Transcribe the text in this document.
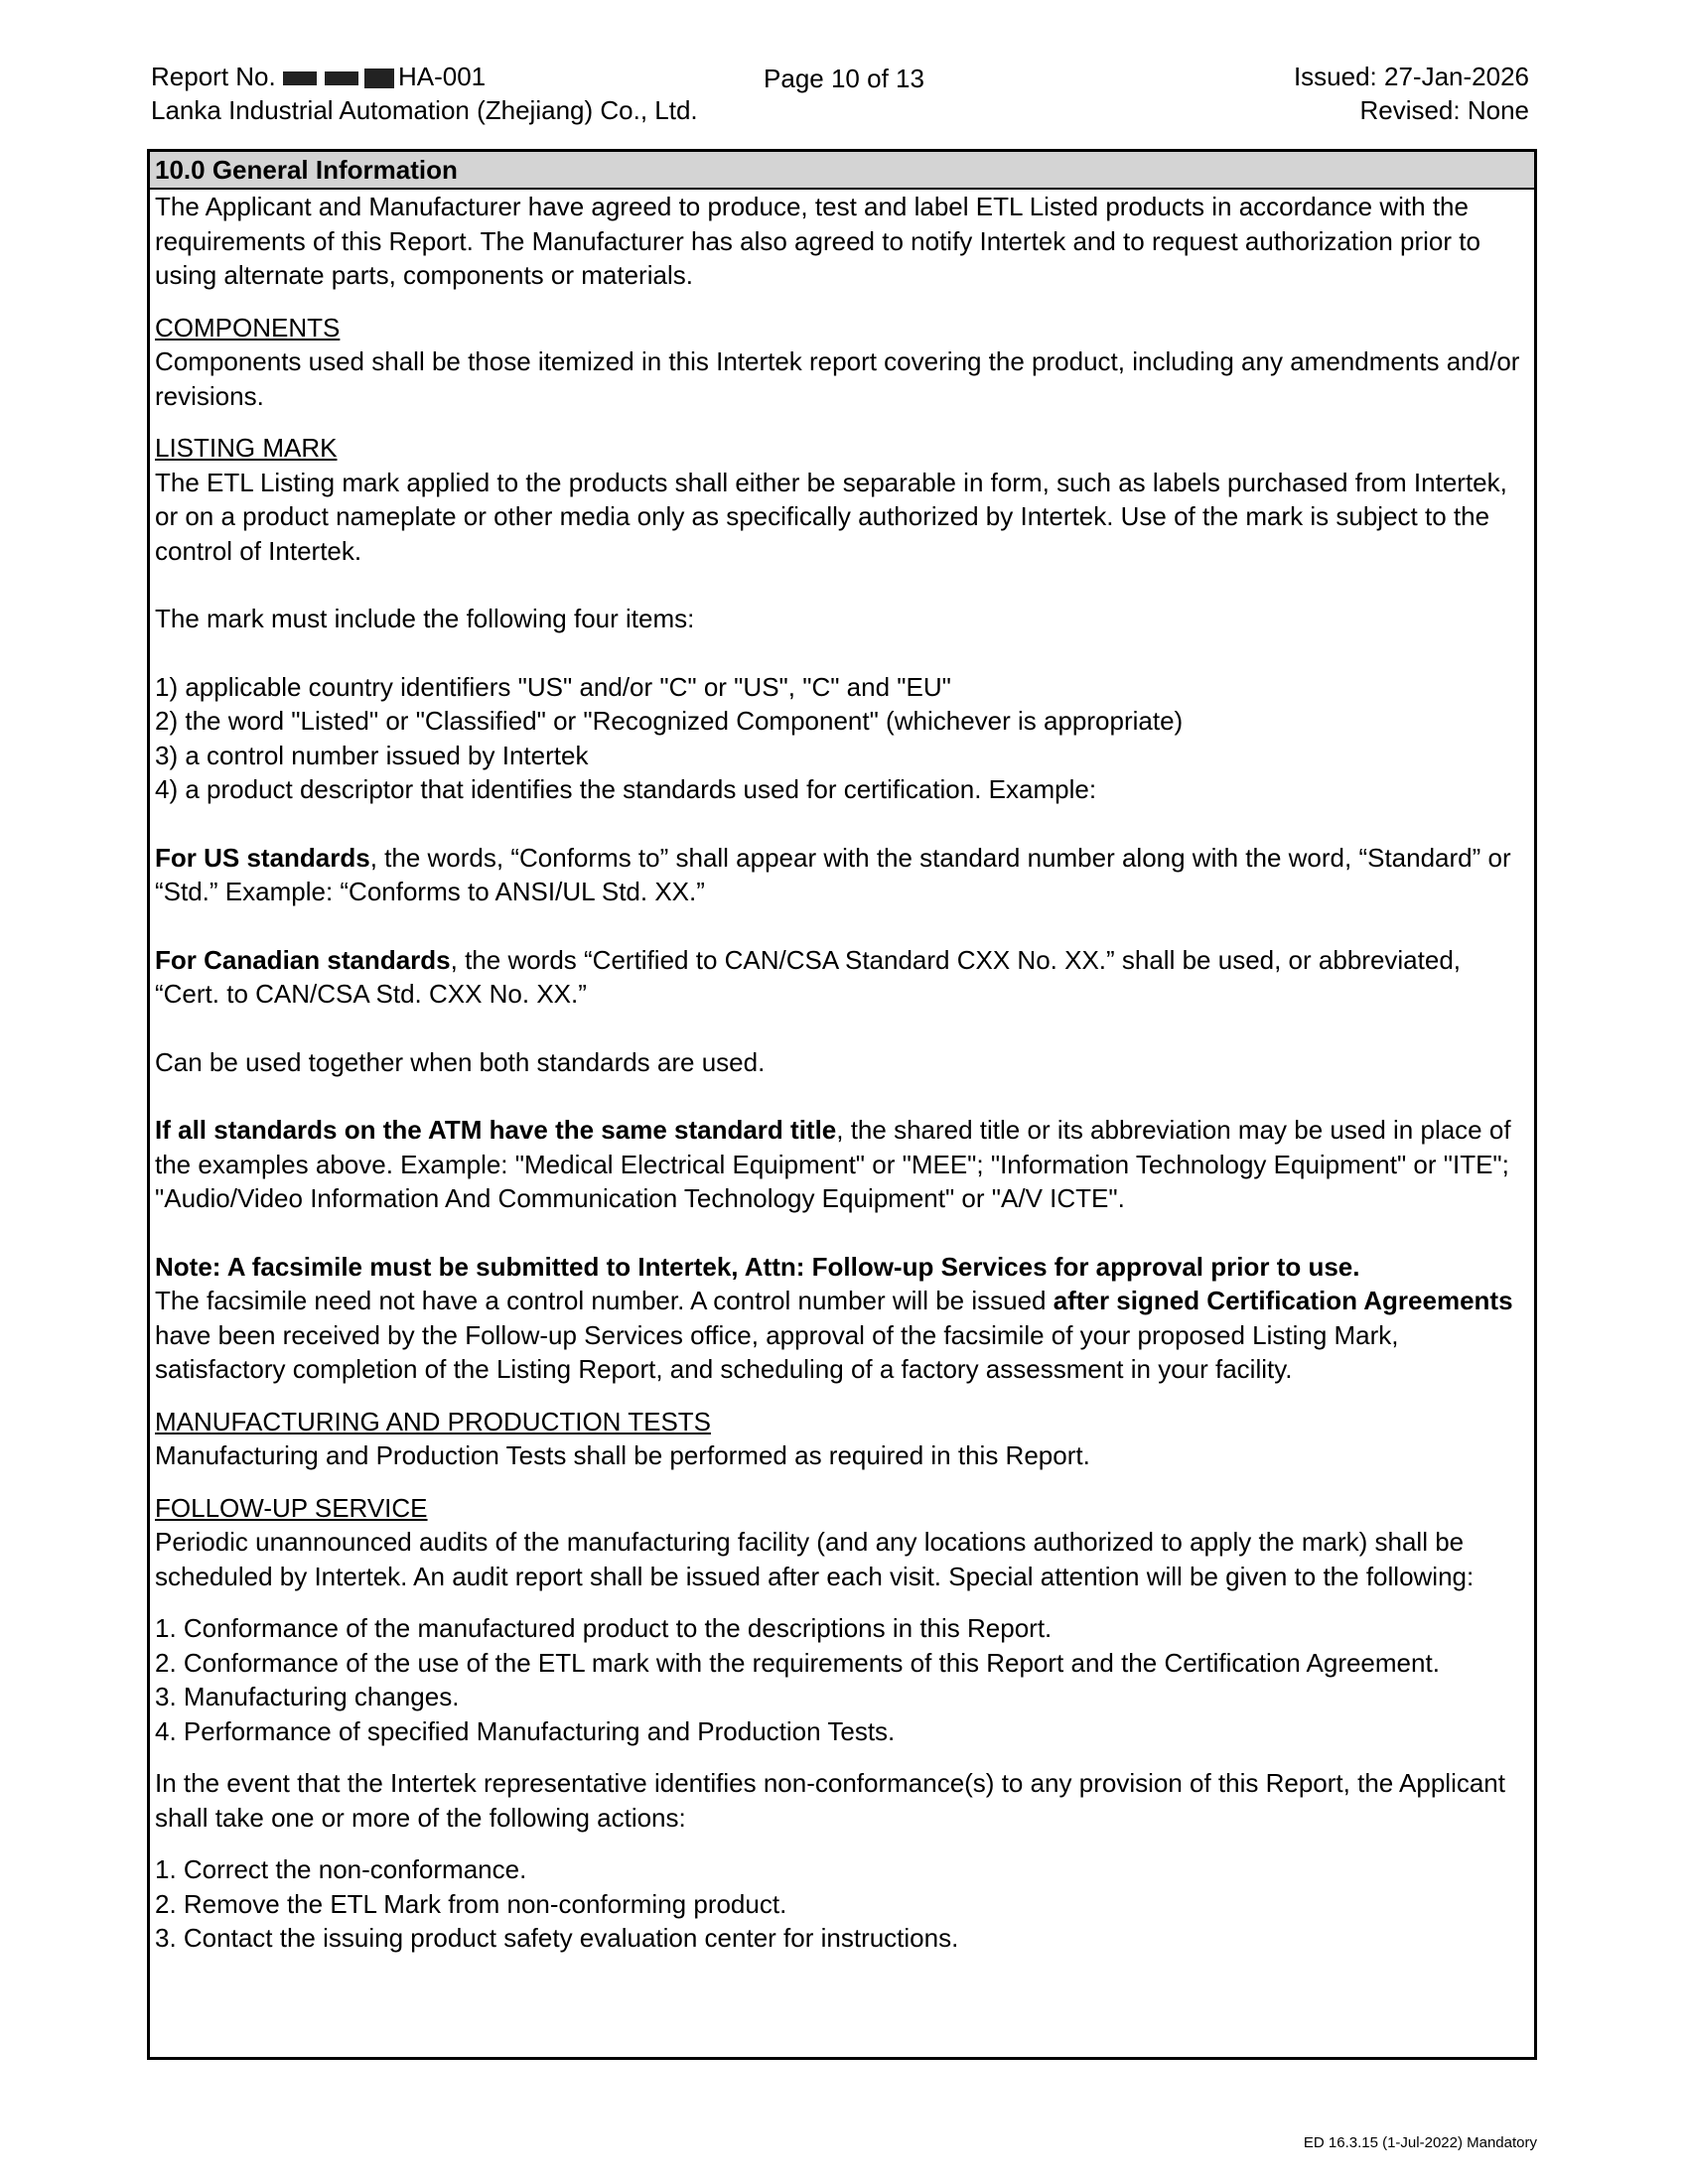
Report No.	HA-001
Lanka Industrial Automation (Zhejiang) Co., Ltd.
Page 10 of 13	Issued: 27-Jan-2026
Revised: None
10.0 General Information

The Applicant and Manufacturer have agreed to produce, test and label ETL Listed products in accordance with the requirements of this Report. The Manufacturer has also agreed to notify Intertek and to request authorization prior to using alternate parts, components or materials.

COMPONENTS

Components used shall be those itemized in this Intertek report covering the product, including any amendments and/or revisions.

LISTING MARK

The ETL Listing mark applied to the products shall either be separable in form, such as labels purchased from Intertek, or on a product nameplate or other media only as specifically authorized by Intertek. Use of the mark is subject to the control of Intertek.

The mark must include the following four items:

1) applicable country identifiers "US" and/or "C" or "US", "C" and "EU"

2) the word "Listed" or "Classified" or "Recognized Component" (whichever is appropriate)

3) a control number issued by Intertek

4) a product descriptor that identifies the standards used for certification. Example:

For US standards, the words, “Conforms to” shall appear with the standard number along with the word, “Standard” or “Std.” Example: “Conforms to ANSI/UL Std. XX.”

For Canadian standards, the words “Certified to CAN/CSA Standard CXX No. XX.” shall be used, or abbreviated, “Cert. to CAN/CSA Std. CXX No. XX.”

Can be used together when both standards are used.

If all standards on the ATM have the same standard title, the shared title or its abbreviation may be used in place of the examples above. Example: "Medical Electrical Equipment" or "MEE"; "Information Technology Equipment" or "ITE"; "Audio/Video Information And Communication Technology Equipment" or "A/V ICTE".

Note: A facsimile must be submitted to Intertek, Attn: Follow-up Services for approval prior to use.
The facsimile need not have a control number. A control number will be issued after signed Certification Agreements have been received by the Follow-up Services office, approval of the facsimile of your proposed Listing Mark, satisfactory completion of the Listing Report, and scheduling of a factory assessment in your facility.

MANUFACTURING AND PRODUCTION TESTS

Manufacturing and Production Tests shall be performed as required in this Report.

FOLLOW-UP SERVICE

Periodic unannounced audits of the manufacturing facility (and any locations authorized to apply the mark) shall be scheduled by Intertek. An audit report shall be issued after each visit. Special attention will be given to the following:

1. Conformance of the manufactured product to the descriptions in this Report.

2. Conformance of the use of the ETL mark with the requirements of this Report and the Certification Agreement.

3. Manufacturing changes.

4. Performance of specified Manufacturing and Production Tests.

In the event that the Intertek representative identifies non-conformance(s) to any provision of this Report, the Applicant shall take one or more of the following actions:

1. Correct the non-conformance.

2. Remove the ETL Mark from non-conforming product.

3. Contact the issuing product safety evaluation center for instructions.

ED 16.3.15 (1-Jul-2022) Mandatory
